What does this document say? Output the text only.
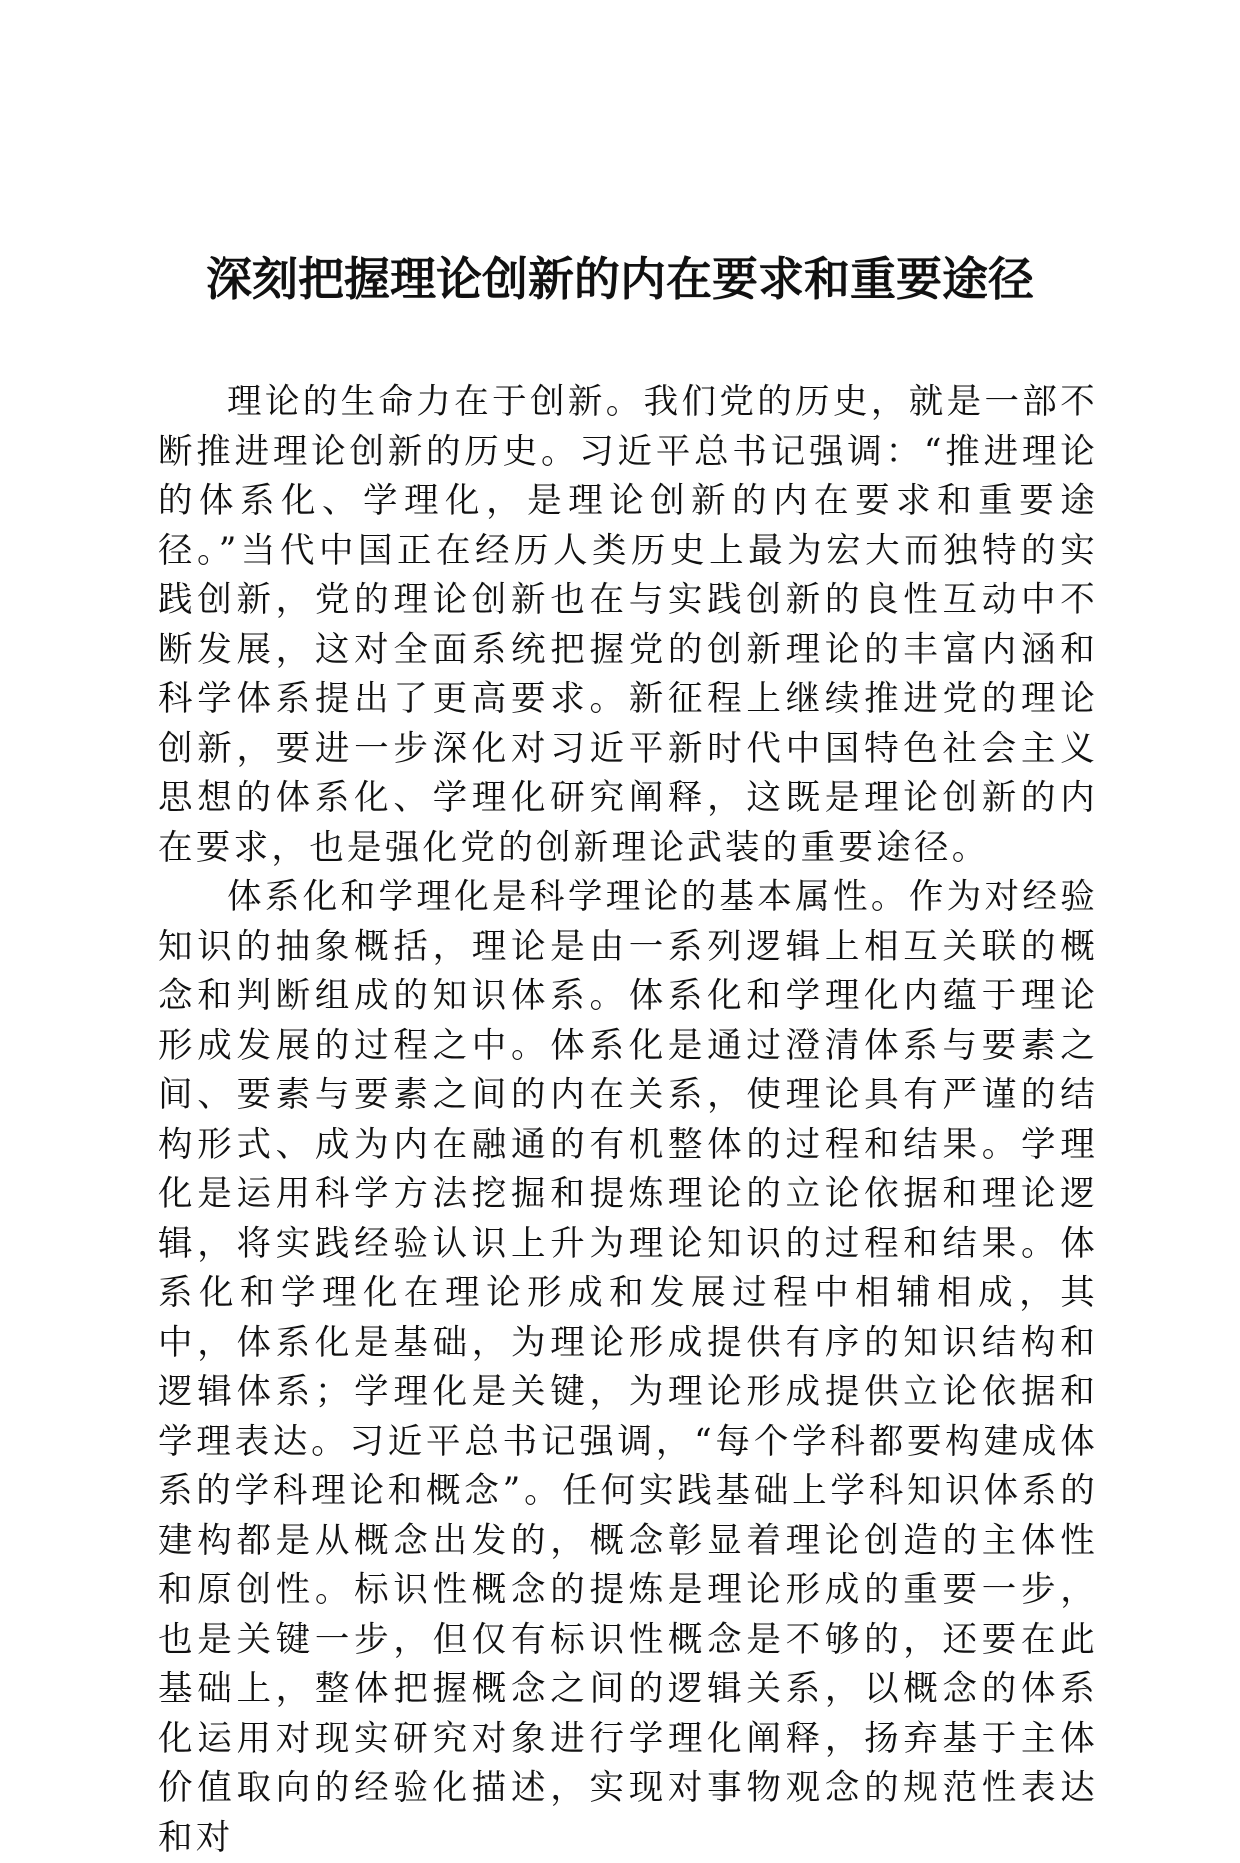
深刻把握理论创新的内在要求和重要途径

理论的生命力在于创新。我们党的历史，就是一部不断推进理论创新的历史。习近平总书记强调：“推进理论的体系化、学理化，是理论创新的内在要求和重要途径。”当代中国正在经历人类历史上最为宏大而独特的实践创新，党的理论创新也在与实践创新的良性互动中不断发展，这对全面系统把握党的创新理论的丰富内涵和科学体系提出了更高要求。新征程上继续推进党的理论创新，要进一步深化对习近平新时代中国特色社会主义思想的体系化、学理化研究阐释，这既是理论创新的内在要求，也是强化党的创新理论武装的重要途径。

体系化和学理化是科学理论的基本属性。作为对经验知识的抽象概括，理论是由一系列逻辑上相互关联的概念和判断组成的知识体系。体系化和学理化内蕴于理论形成发展的过程之中。体系化是通过澄清体系与要素之间、要素与要素之间的内在关系，使理论具有严谨的结构形式、成为内在融通的有机整体的过程和结果。学理化是运用科学方法挖掘和提炼理论的立论依据和理论逻辑，将实践经验认识上升为理论知识的过程和结果。体系化和学理化在理论形成和发展过程中相辅相成，其中，体系化是基础，为理论形成提供有序的知识结构和逻辑体系；学理化是关键，为理论形成提供立论依据和学理表达。习近平总书记强调，“每个学科都要构建成体系的学科理论和概念”。任何实践基础上学科知识体系的建构都是从概念出发的，概念彰显着理论创造的主体性和原创性。标识性概念的提炼是理论形成的重要一步，也是关键一步，但仅有标识性概念是不够的，还要在此基础上，整体把握概念之间的逻辑关系，以概念的体系化运用对现实研究对象进行学理化阐释，扬弃基于主体价值取向的经验化描述，实现对事物观念的规范性表达和对
